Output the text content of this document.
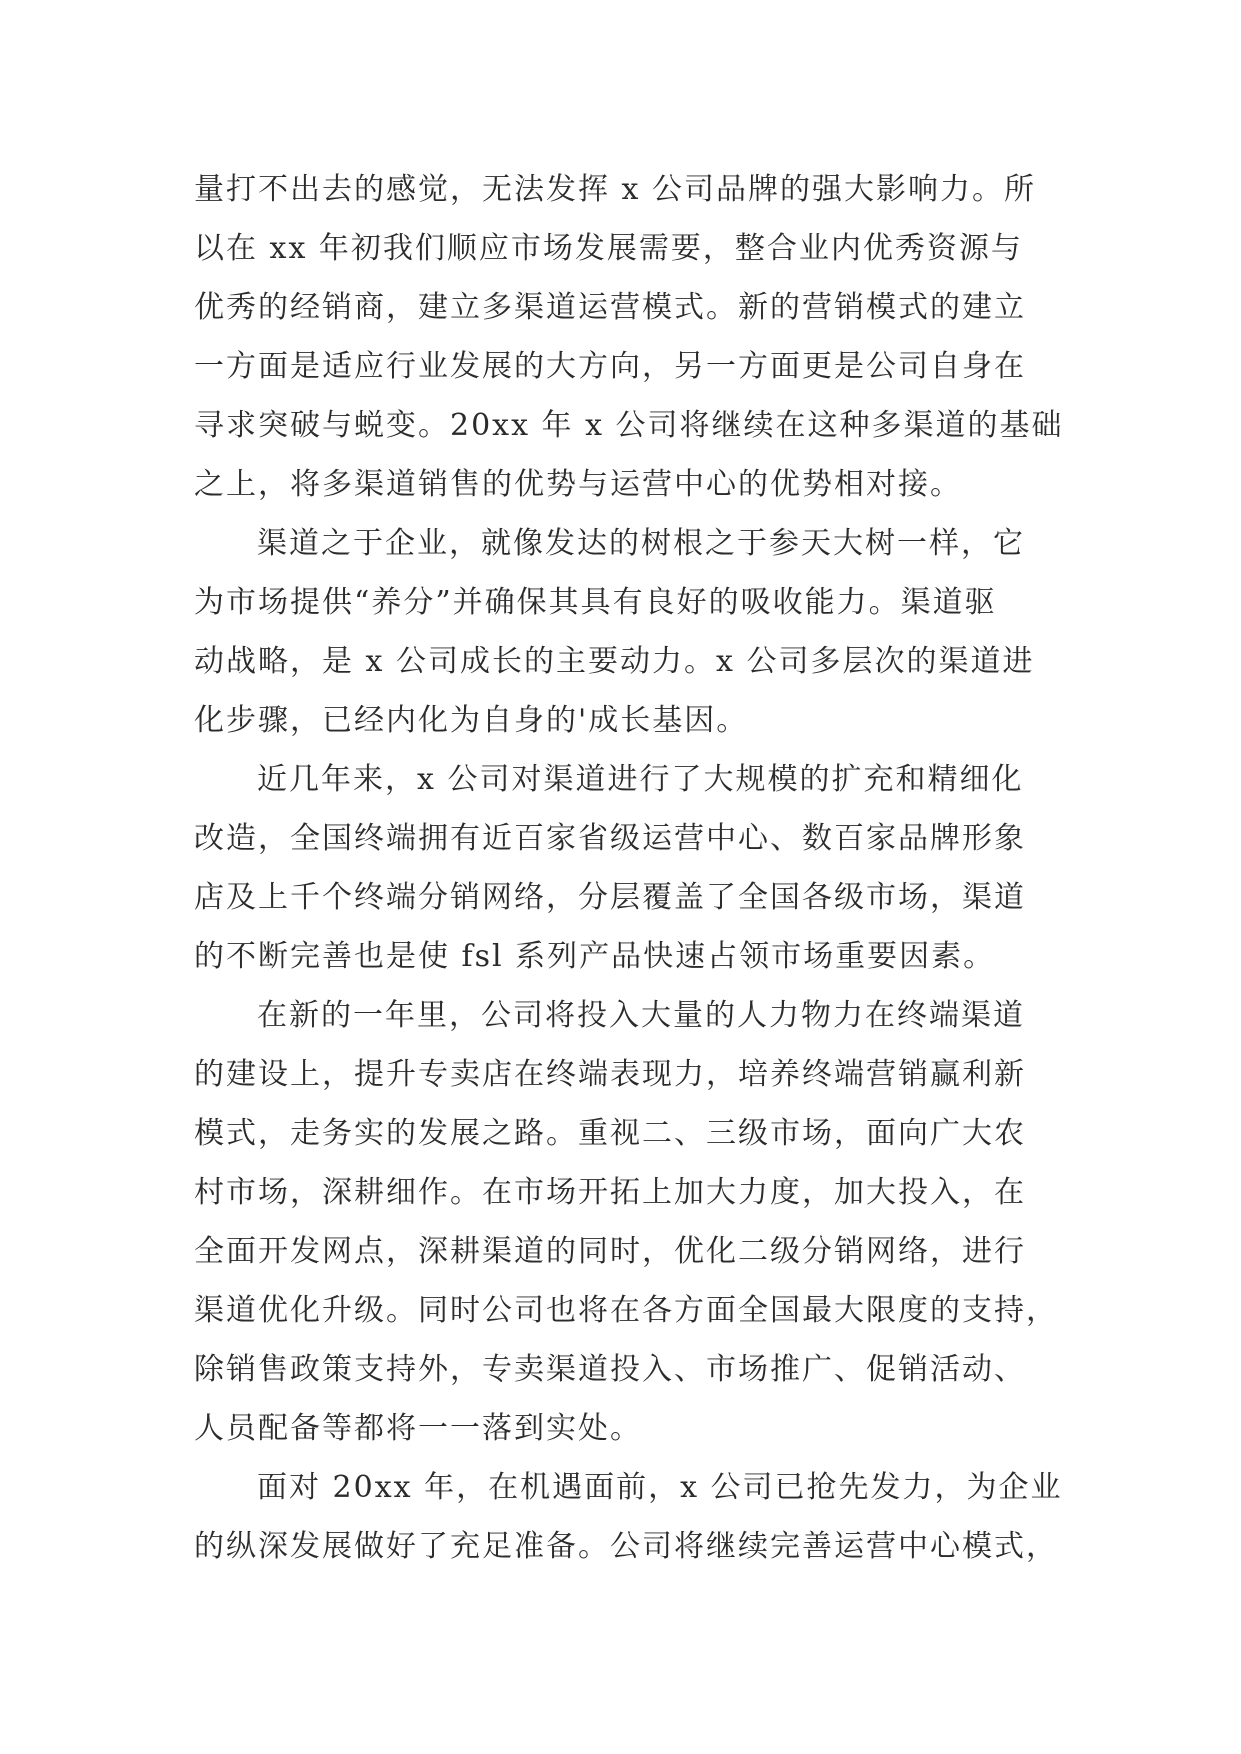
量打不出去的感觉，无法发挥 x 公司品牌的强大影响力。所
以在 xx 年初我们顺应市场发展需要，整合业内优秀资源与
优秀的经销商，建立多渠道运营模式。新的营销模式的建立
一方面是适应行业发展的大方向，另一方面更是公司自身在
寻求突破与蜕变。20xx 年 x 公司将继续在这种多渠道的基础
之上，将多渠道销售的优势与运营中心的优势相对接。
渠道之于企业，就像发达的树根之于参天大树一样，它
为市场提供“养分”并确保其具有良好的吸收能力。渠道驱
动战略，是 x 公司成长的主要动力。x 公司多层次的渠道进
化步骤，已经内化为自身的'成长基因。
近几年来，x 公司对渠道进行了大规模的扩充和精细化
改造，全国终端拥有近百家省级运营中心、数百家品牌形象
店及上千个终端分销网络，分层覆盖了全国各级市场，渠道
的不断完善也是使 fsl 系列产品快速占领市场重要因素。
在新的一年里，公司将投入大量的人力物力在终端渠道
的建设上，提升专卖店在终端表现力，培养终端营销赢利新
模式，走务实的发展之路。重视二、三级市场，面向广大农
村市场，深耕细作。在市场开拓上加大力度，加大投入，在
全面开发网点，深耕渠道的同时，优化二级分销网络，进行
渠道优化升级。同时公司也将在各方面全国最大限度的支持，
除销售政策支持外，专卖渠道投入、市场推广、促销活动、
人员配备等都将一一落到实处。
面对 20xx 年，在机遇面前，x 公司已抢先发力，为企业
的纵深发展做好了充足准备。公司将继续完善运营中心模式，
